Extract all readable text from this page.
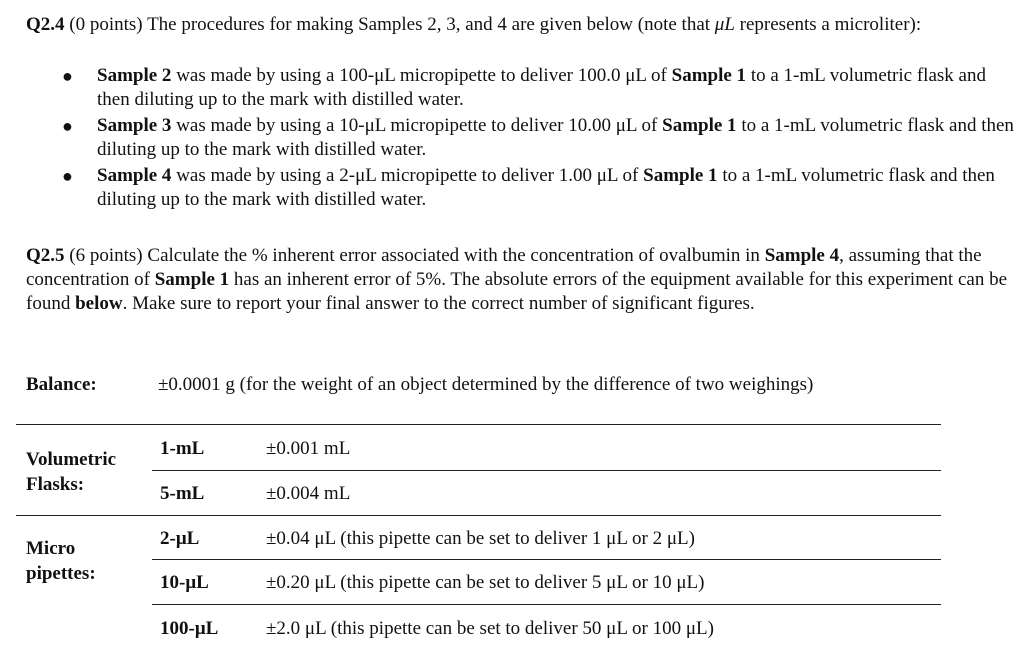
Q2.4 (0 points) The procedures for making Samples 2, 3, and 4 are given below (note that μL represents a microliter):

● Sample 2 was made by using a 100-μL micropipette to deliver 100.0 μL of Sample 1 to a 1-mL volumetric flask and then diluting up to the mark with distilled water.
● Sample 3 was made by using a 10-μL micropipette to deliver 10.00 μL of Sample 1 to a 1-mL volumetric flask and then diluting up to the mark with distilled water.
● Sample 4 was made by using a 2-μL micropipette to deliver 1.00 μL of Sample 1 to a 1-mL volumetric flask and then diluting up to the mark with distilled water.

Q2.5 (6 points) Calculate the % inherent error associated with the concentration of ovalbumin in Sample 4, assuming that the concentration of Sample 1 has an inherent error of 5%. The absolute errors of the equipment available for this experiment can be found below. Make sure to report your final answer to the correct number of significant figures.

Balance:	±0.0001 g (for the weight of an object determined by the difference of two weighings)
Volumetric
Flasks:
1-mL	±0.001 mL
5-mL	±0.004 mL
Micro
pipettes:
2-μL	±0.04 μL (this pipette can be set to deliver 1 μL or 2 μL)
10-μL	±0.20 μL (this pipette can be set to deliver 5 μL or 10 μL)
100-μL	±2.0 μL (this pipette can be set to deliver 50 μL or 100 μL)
